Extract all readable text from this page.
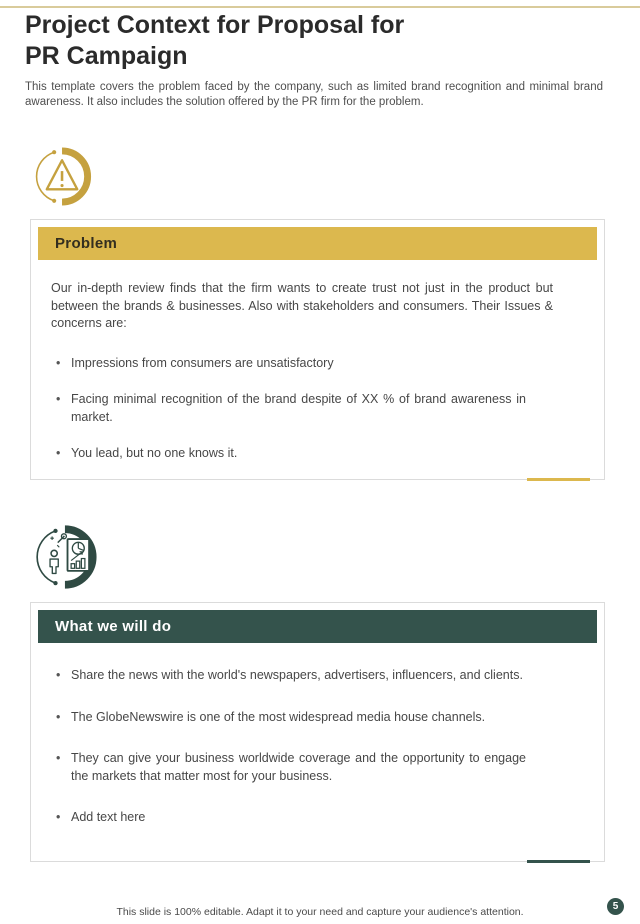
Project Context for Proposal for
PR Campaign

This template covers the problem faced by the company, such as limited brand recognition and minimal brand awareness. It also includes the solution offered by the PR firm for the problem.

Problem

Our in-depth review finds that the firm wants to create trust not just in the product but between the brands & businesses. Also with stakeholders and consumers. Their Issues & concerns are:

• Impressions from consumers are unsatisfactory
• Facing minimal recognition of the brand despite of XX % of brand awareness in market.
• You lead, but no one knows it.
What we will do
• Share the news with the world's newspapers, advertisers, influencers, and clients.
• The GlobeNewswire is one of the most widespread media house channels.
• They can give your business worldwide coverage and the opportunity to engage the markets that matter most for your business.
• Add text here
This slide is 100% editable. Adapt it to your need and capture your audience's attention.	5
